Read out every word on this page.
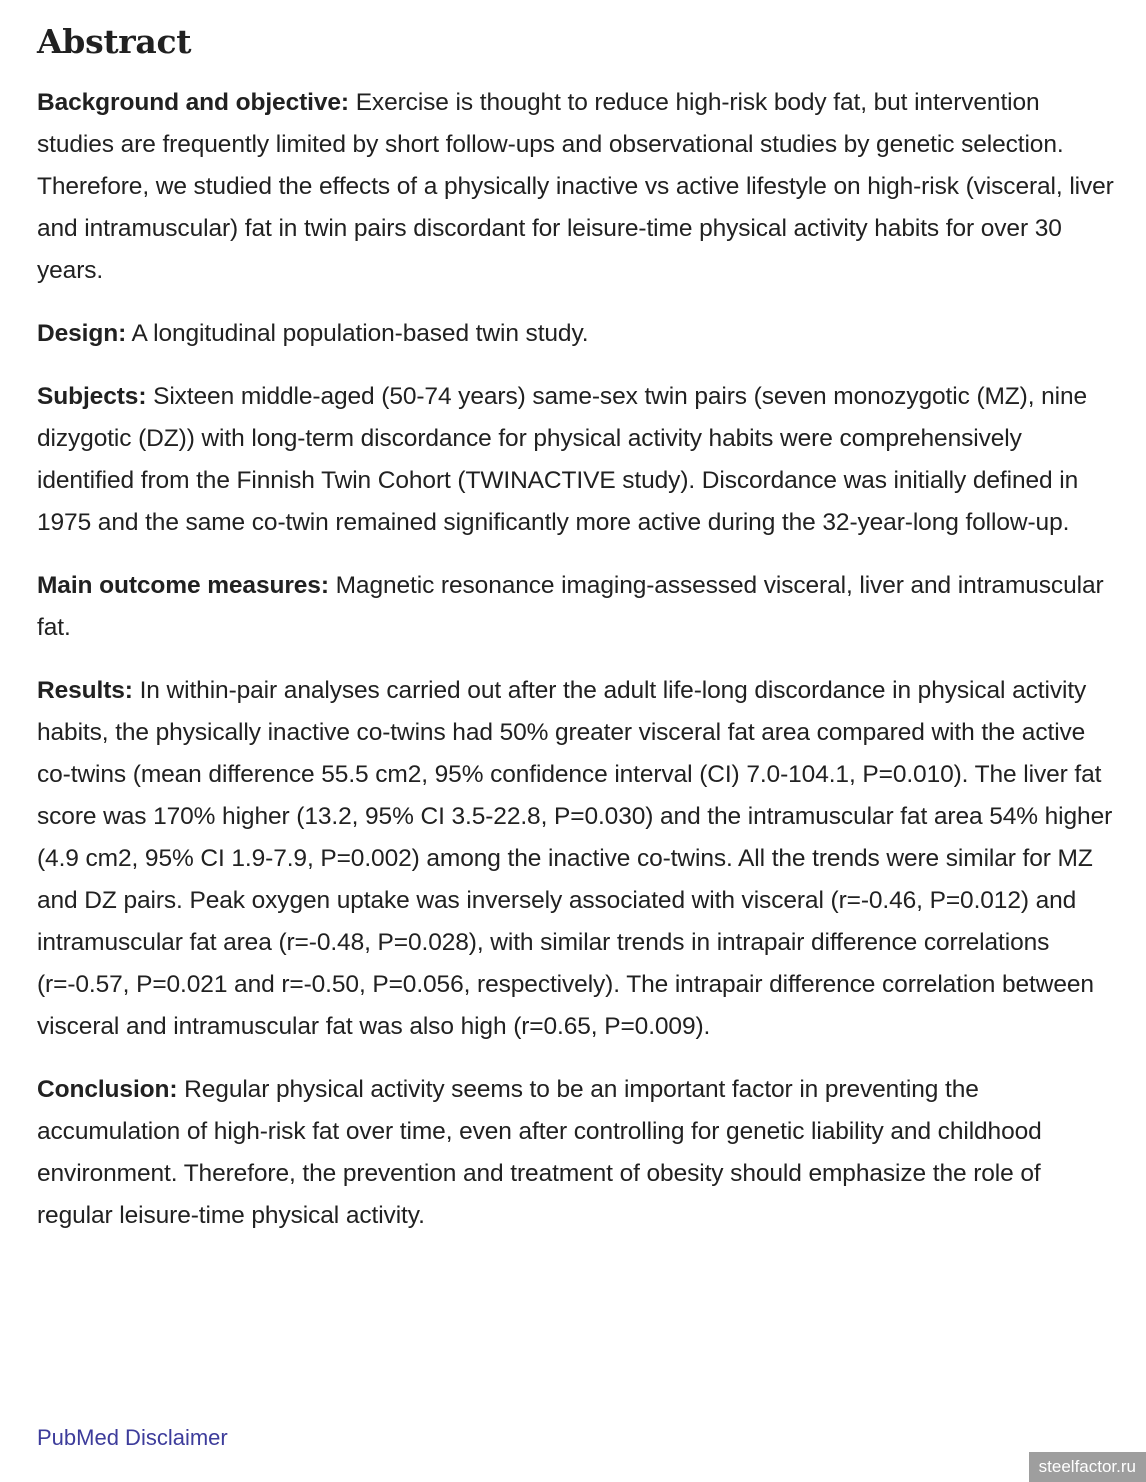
Abstract

Background and objective: Exercise is thought to reduce high-risk body fat, but intervention studies are frequently limited by short follow-ups and observational studies by genetic selection. Therefore, we studied the effects of a physically inactive vs active lifestyle on high-risk (visceral, liver and intramuscular) fat in twin pairs discordant for leisure-time physical activity habits for over 30 years.

Design: A longitudinal population-based twin study.

Subjects: Sixteen middle-aged (50-74 years) same-sex twin pairs (seven monozygotic (MZ), nine dizygotic (DZ)) with long-term discordance for physical activity habits were comprehensively identified from the Finnish Twin Cohort (TWINACTIVE study). Discordance was initially defined in 1975 and the same co-twin remained significantly more active during the 32-year-long follow-up.

Main outcome measures: Magnetic resonance imaging-assessed visceral, liver and intramuscular fat.

Results: In within-pair analyses carried out after the adult life-long discordance in physical activity habits, the physically inactive co-twins had 50% greater visceral fat area compared with the active co-twins (mean difference 55.5 cm2, 95% confidence interval (CI) 7.0-104.1, P=0.010). The liver fat score was 170% higher (13.2, 95% CI 3.5-22.8, P=0.030) and the intramuscular fat area 54% higher (4.9 cm2, 95% CI 1.9-7.9, P=0.002) among the inactive co-twins. All the trends were similar for MZ and DZ pairs. Peak oxygen uptake was inversely associated with visceral (r=-0.46, P=0.012) and intramuscular fat area (r=-0.48, P=0.028), with similar trends in intrapair difference correlations (r=-0.57, P=0.021 and r=-0.50, P=0.056, respectively). The intrapair difference correlation between visceral and intramuscular fat was also high (r=0.65, P=0.009).

Conclusion: Regular physical activity seems to be an important factor in preventing the accumulation of high-risk fat over time, even after controlling for genetic liability and childhood environment. Therefore, the prevention and treatment of obesity should emphasize the role of regular leisure-time physical activity.

PubMed Disclaimer
steelfactor.ru
